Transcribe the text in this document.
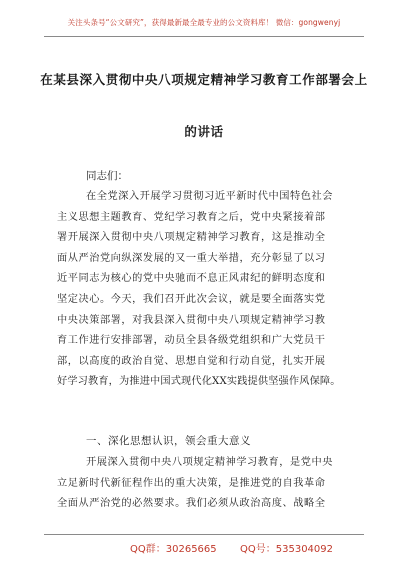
关注头条号“公文研究”，获得最新最全最专业的公文资料库！ 微信：gongwenyj
在某县深入贯彻中央八项规定精神学习教育工作部署会上
的讲话
同志们：
在全党深入开展学习贯彻习近平新时代中国特色社会
主义思想主题教育、党纪学习教育之后，党中央紧接着部
署开展深入贯彻中央八项规定精神学习教育，这是推动全
面从严治党向纵深发展的又一重大举措，充分彰显了以习
近平同志为核心的党中央驰而不息正风肃纪的鲜明态度和
坚定决心。今天，我们召开此次会议，就是要全面落实党
中央决策部署，对我县深入贯彻中央八项规定精神学习教
育工作进行安排部署，动员全县各级党组织和广大党员干
部，以高度的政治自觉、思想自觉和行动自觉，扎实开展
好学习教育，为推进中国式现代化XX实践提供坚强作风保障。
一、深化思想认识，领会重大意义
开展深入贯彻中央八项规定精神学习教育，是党中央
立足新时代新征程作出的重大决策，是推进党的自我革命
全面从严治党的必然要求。我们必须从政治高度、战略全
QQ群：30265665 QQ号：535304092
